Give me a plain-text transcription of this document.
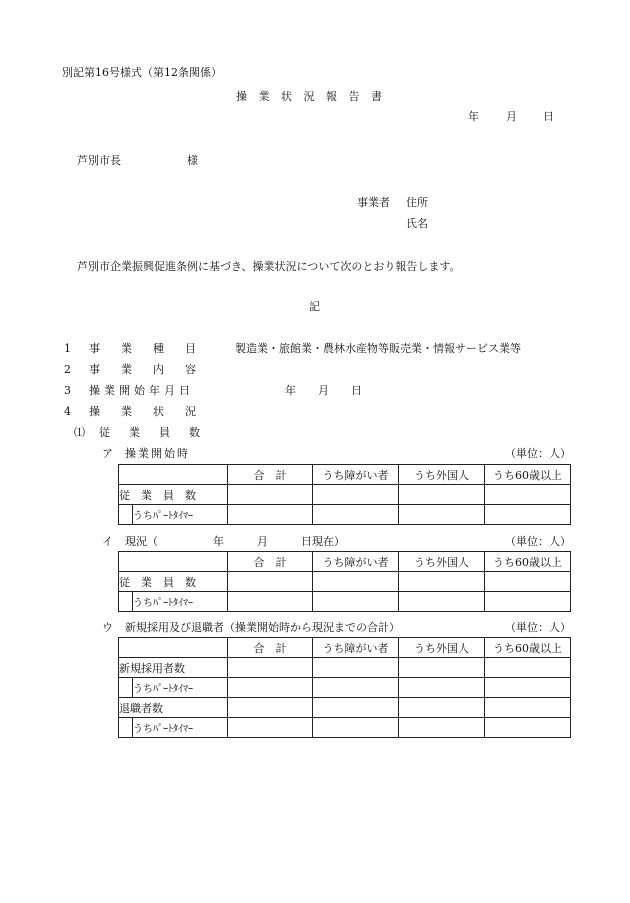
別記第16号様式（第12条関係）
操 業 状 況 報 告 書
年 月 日
芦別市長	様
事業者 住所
氏名
芦別市企業振興促進条例に基づき、操業状況について次のとおり報告します。
記
1 事　業　種　目	製造業・旅館業・農林水産物等販売業・情報サービス業等
2 事　業　内　容
3 操業開始年月日	年　　月　　日
4 操　業　状　況
⑴ 従　業　員　数
ア 操業開始時	（単位：人）
		合　計	うち障がい者	うち外国人	うち60歳以上
従　業　員　数					
	うちﾊﾟｰﾄﾀｲﾏｰ				
イ 現況（　　　　　年　　　月　　　日現在）	（単位：人）
		合　計	うち障がい者	うち外国人	うち60歳以上
従　業　員　数					
	うちﾊﾟｰﾄﾀｲﾏｰ				
ウ 新規採用及び退職者（操業開始時から現況までの合計）	（単位：人）
		合　計	うち障がい者	うち外国人	うち60歳以上
新規採用者数					
	うちﾊﾟｰﾄﾀｲﾏｰ				
退職者数					
	うちﾊﾟｰﾄﾀｲﾏｰ				
